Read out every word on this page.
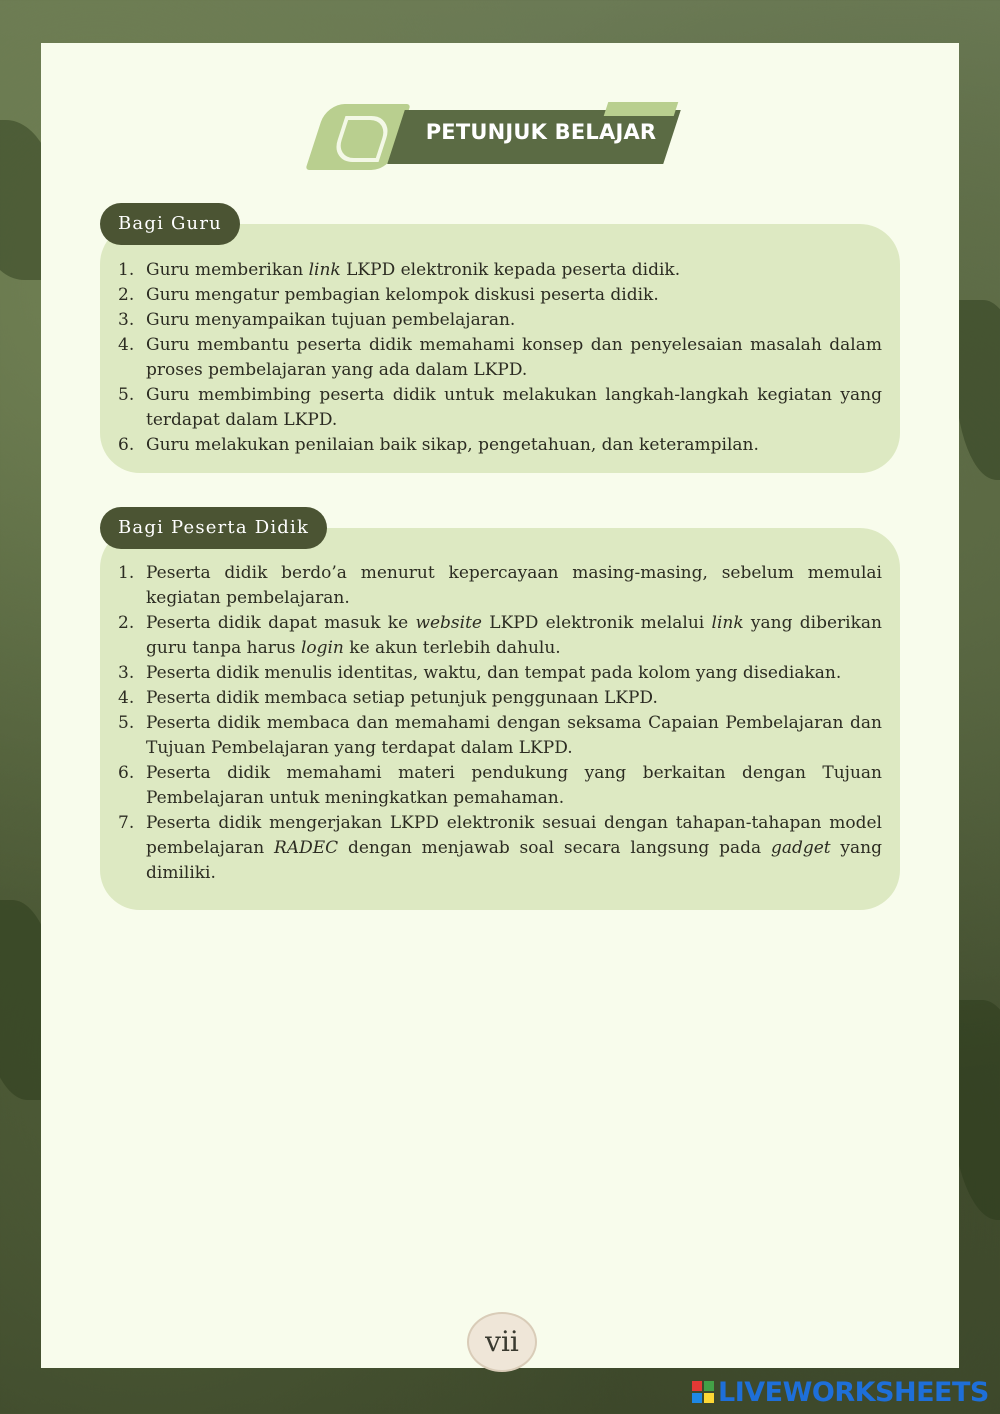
PETUNJUK BELAJAR
1. Guru memberikan link LKPD elektronik kepada peserta didik.
2. Guru mengatur pembagian kelompok diskusi peserta didik.
3. Guru menyampaikan tujuan pembelajaran.
4. Guru membantu peserta didik memahami konsep dan penyelesaian masalah dalam proses pembelajaran yang ada dalam LKPD.
5. Guru membimbing peserta didik untuk melakukan langkah-langkah kegiatan yang terdapat dalam LKPD.
6. Guru melakukan penilaian baik sikap, pengetahuan, dan keterampilan.
Bagi Guru
1. Peserta didik berdo’a menurut kepercayaan masing-masing, sebelum memulai kegiatan pembelajaran.
2. Peserta didik dapat masuk ke website LKPD elektronik melalui link yang diberikan guru tanpa harus login ke akun terlebih dahulu.
3. Peserta didik menulis identitas, waktu, dan tempat pada kolom yang disediakan.
4. Peserta didik membaca setiap petunjuk penggunaan LKPD.
5. Peserta didik membaca dan memahami dengan seksama Capaian Pembelajaran dan Tujuan Pembelajaran yang terdapat dalam LKPD.
6. Peserta didik memahami materi pendukung yang berkaitan dengan Tujuan Pembelajaran untuk meningkatkan pemahaman.
7. Peserta didik mengerjakan LKPD elektronik sesuai dengan tahapan-tahapan model pembelajaran RADEC dengan menjawab soal secara langsung pada gadget yang dimiliki.
Bagi Peserta Didik
vii
LIVEWORKSHEETS
